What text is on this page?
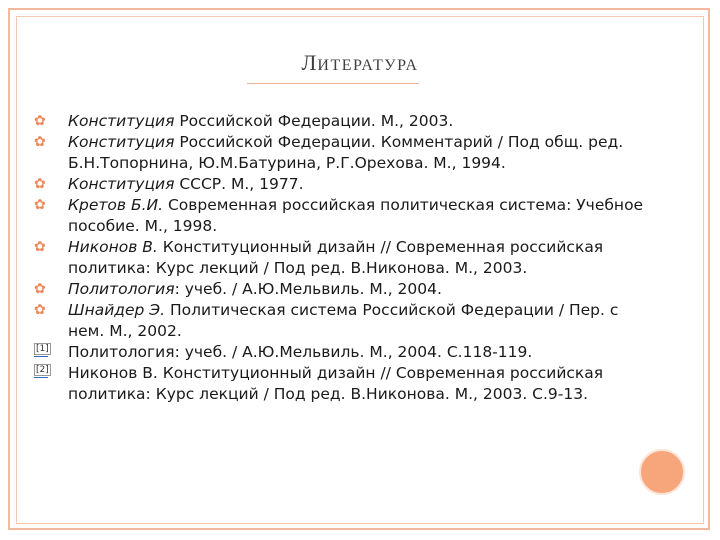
ЛИТЕРАТУРА
✿ Конституция Российской Федерации. М., 2003.
✿ Конституция Российской Федерации. Комментарий / Под общ. ред. Б.Н.Топорнина, Ю.М.Батурина, Р.Г.Орехова. М., 1994.
✿ Конституция СССР. М., 1977.
✿ Кретов Б.И. Современная российская политическая система: Учебное пособие. М., 1998.
✿ Никонов В. Конституционный дизайн // Современная российская политика: Курс лекций / Под ред. В.Никонова. М., 2003.
✿ Политология: учеб. / А.Ю.Мельвиль. М., 2004.
✿ Шнайдер Э. Политическая система Российской Федерации / Пер. с нем. М., 2002.
[1] Политология: учеб. / А.Ю.Мельвиль. М., 2004. С.118-119.
[2] Никонов В. Конституционный дизайн // Современная российская политика: Курс лекций / Под ред. В.Никонова. М., 2003. С.9-13.
